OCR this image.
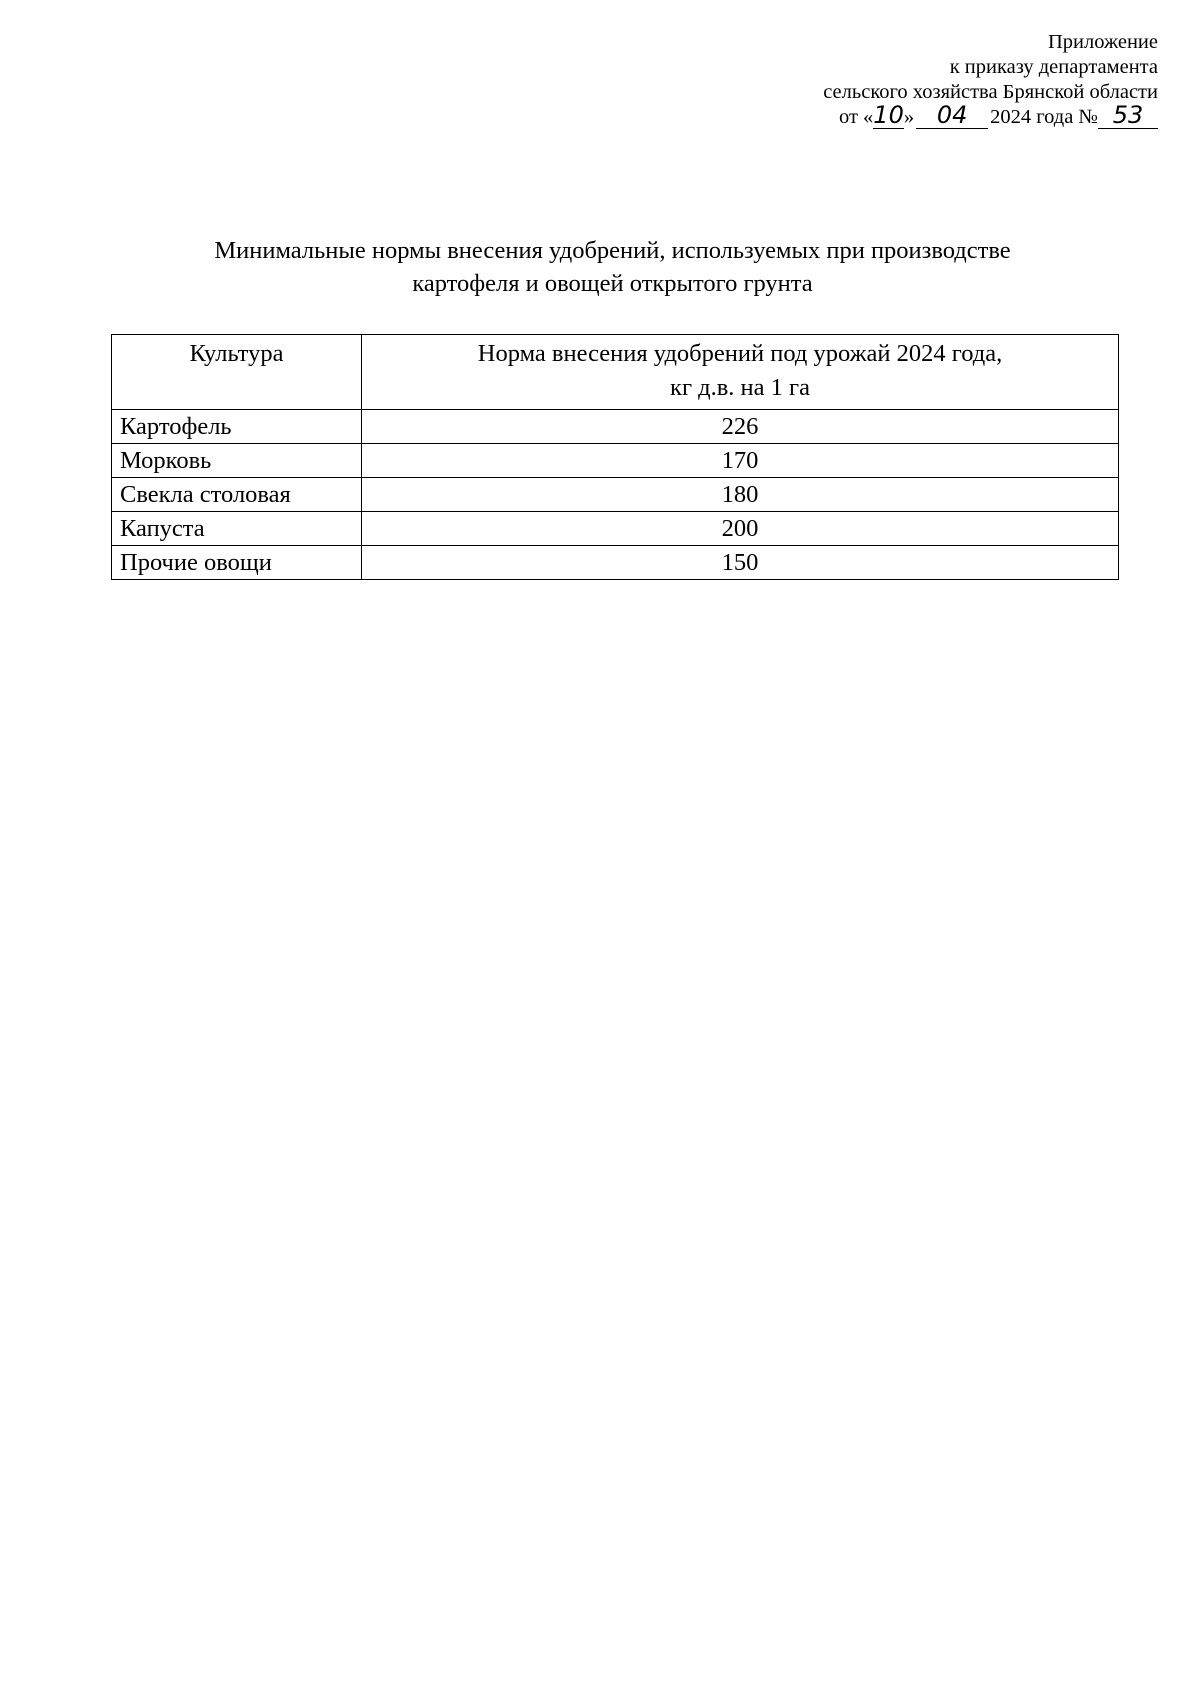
Приложение
к приказу департамента
сельского хозяйства Брянской области
от «10» 04 2024 года № 53
Минимальные нормы внесения удобрений, используемых при производстве
картофеля и овощей открытого грунта
Культура	Норма внесения удобрений под урожай 2024 года,
кг д.в. на 1 га

Картофель	226
Морковь	170
Свекла столовая	180
Капуста	200
Прочие овощи	150
